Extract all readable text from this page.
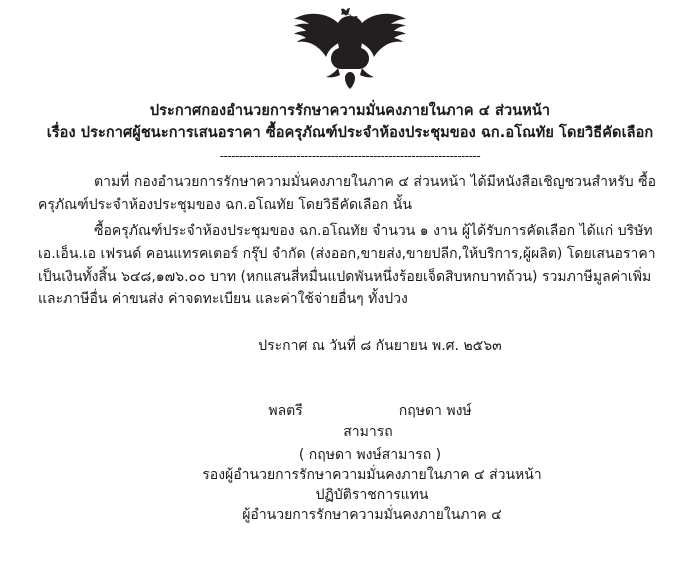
ประกาศกองอำนวยการรักษาความมั่นคงภายในภาค ๔ ส่วนหน้า
เรื่อง ประกาศผู้ชนะการเสนอราคา ซื้อครุภัณฑ์ประจำห้องประชุมของ ฉก.อโณทัย โดยวิธีคัดเลือก
--------------------------------------------------------------------

ตามที่ กองอำนวยการรักษาความมั่นคงภายในภาค ๔ ส่วนหน้า ได้มีหนังสือเชิญชวนสำหรับ ซื้อครุภัณฑ์ประจำห้องประชุมของ ฉก.อโณทัย โดยวิธีคัดเลือก นั้น

ซื้อครุภัณฑ์ประจำห้องประชุมของ ฉก.อโณทัย จำนวน ๑ งาน ผู้ได้รับการคัดเลือก ได้แก่ บริษัท เอ.เอ็น.เอ เฟรนด์ คอนแทรคเตอร์ กรุ๊ป จำกัด (ส่งออก,ขายส่ง,ขายปลีก,ให้บริการ,ผู้ผลิต) โดยเสนอราคา เป็นเงินทั้งสิ้น ๖๔๘,๑๗๖.๐๐ บาท (หกแสนสี่หมื่นแปดพันหนึ่งร้อยเจ็ดสิบหกบาทถ้วน) รวมภาษีมูลค่าเพิ่มและภาษีอื่น ค่าขนส่ง ค่าจดทะเบียน และค่าใช้จ่ายอื่นๆ ทั้งปวง

ประกาศ ณ วันที่ ๘ กันยายน พ.ศ. ๒๕๖๓
พลตรี	กฤษดา พงษ์
สามารถ
( กฤษดา พงษ์สามารถ )
รองผู้อำนวยการรักษาความมั่นคงภายในภาค ๔ ส่วนหน้า
ปฏิบัติราชการแทน
ผู้อำนวยการรักษาความมั่นคงภายในภาค ๔
